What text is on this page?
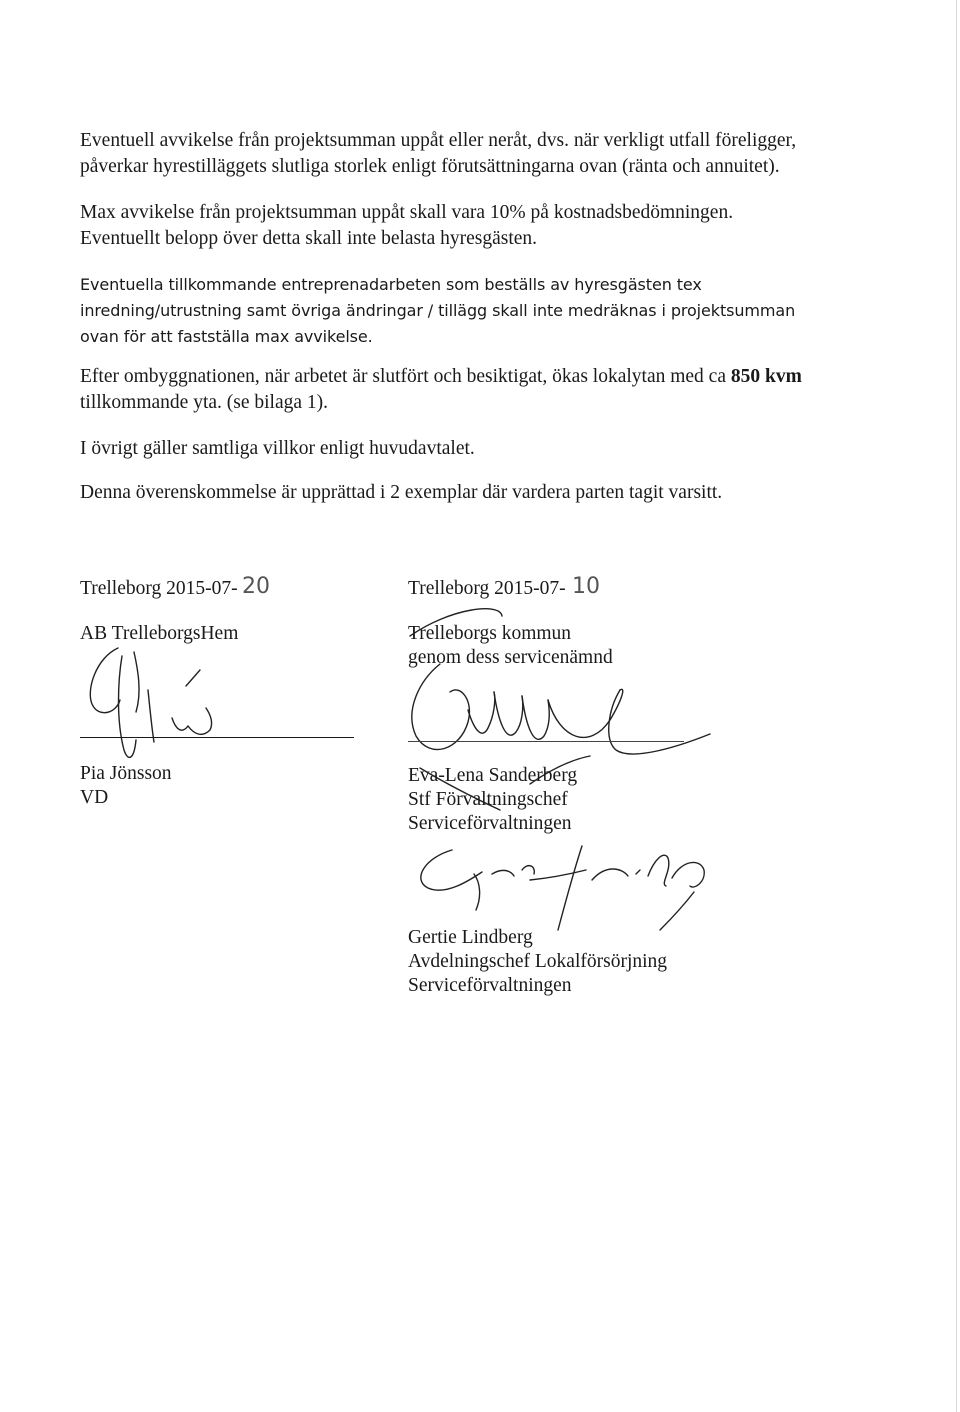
Eventuell avvikelse från projektsumman uppåt eller neråt, dvs. när verkligt utfall föreligger,
påverkar hyrestilläggets slutliga storlek enligt förutsättningarna ovan (ränta och annuitet).

Max avvikelse från projektsumman uppåt skall vara 10% på kostnadsbedömningen.
Eventuellt belopp över detta skall inte belasta hyresgästen.

Eventuella tillkommande entreprenadarbeten som beställs av hyresgästen tex
inredning/utrustning samt övriga ändringar / tillägg skall inte medräknas i projektsumman
ovan för att fastställa max avvikelse.

Efter ombyggnationen, när arbetet är slutfört och besiktigat, ökas lokalytan med ca 850 kvm
tillkommande yta. (se bilaga 1).

I övrigt gäller samtliga villkor enligt huvudavtalet.

Denna överenskommelse är upprättad i 2 exemplar där vardera parten tagit varsitt.

Trelleborg 2015-07- 20

AB TrelleborgsHem

Pia Jönsson

VD

Trelleborg 2015-07- 10

Trelleborgs kommun

genom dess servicenämnd

Eva-Lena Sanderberg

Stf Förvaltningschef

Serviceförvaltningen

Gertie Lindberg

Avdelningschef Lokalförsörjning

Serviceförvaltningen
